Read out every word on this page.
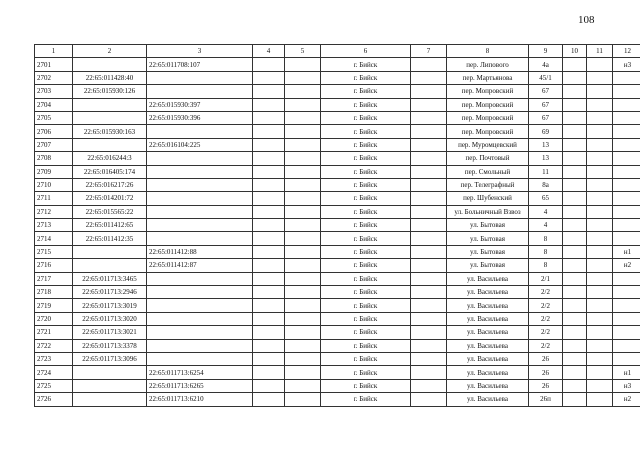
108
1	2	3	4	5	6	7	8	9	10	11	12
2701		22:65:011708:107			г. Бийск		пер. Липового	4а			н3
2702	22:65:011428:40				г. Бийск		пер. Мартьянова	45/1			
2703	22:65:015930:126				г. Бийск		пер. Мопровский	67			
2704		22:65:015930:397			г. Бийск		пер. Мопровский	67			
2705		22:65:015930:396			г. Бийск		пер. Мопровский	67			
2706	22:65:015930:163				г. Бийск		пер. Мопровский	69			
2707		22:65:016104:225			г. Бийск		пер. Муромцевский	13			
2708	22:65:016244:3				г. Бийск		пер. Почтовый	13			
2709	22:65:016405:174				г. Бийск		пер. Смольный	11			
2710	22:65:016217:26				г. Бийск		пер. Телеграфный	8а			
2711	22:65:014201:72				г. Бийск		пер. Шубенский	65			
2712	22:65:015565:22				г. Бийск		ул. Больничный Взвоз	4			
2713	22:65:011412:65				г. Бийск		ул. Бытовая	4			
2714	22:65:011412:35				г. Бийск		ул. Бытовая	8			
2715		22:65:011412:88			г. Бийск		ул. Бытовая	8			н1
2716		22:65:011412:87			г. Бийск		ул. Бытовая	8			н2
2717	22:65:011713:3465				г. Бийск		ул. Васильева	2/1			
2718	22:65:011713:2946				г. Бийск		ул. Васильева	2/2			
2719	22:65:011713:3019				г. Бийск		ул. Васильева	2/2			
2720	22:65:011713:3020				г. Бийск		ул. Васильева	2/2			
2721	22:65:011713:3021				г. Бийск		ул. Васильева	2/2			
2722	22:65:011713:3378				г. Бийск		ул. Васильева	2/2			
2723	22:65:011713:3096				г. Бийск		ул. Васильева	26			
2724		22:65:011713:6254			г. Бийск		ул. Васильева	26			н1
2725		22:65:011713:6265			г. Бийск		ул. Васильева	26			н3
2726		22:65:011713:6210			г. Бийск		ул. Васильева	26п			н2
